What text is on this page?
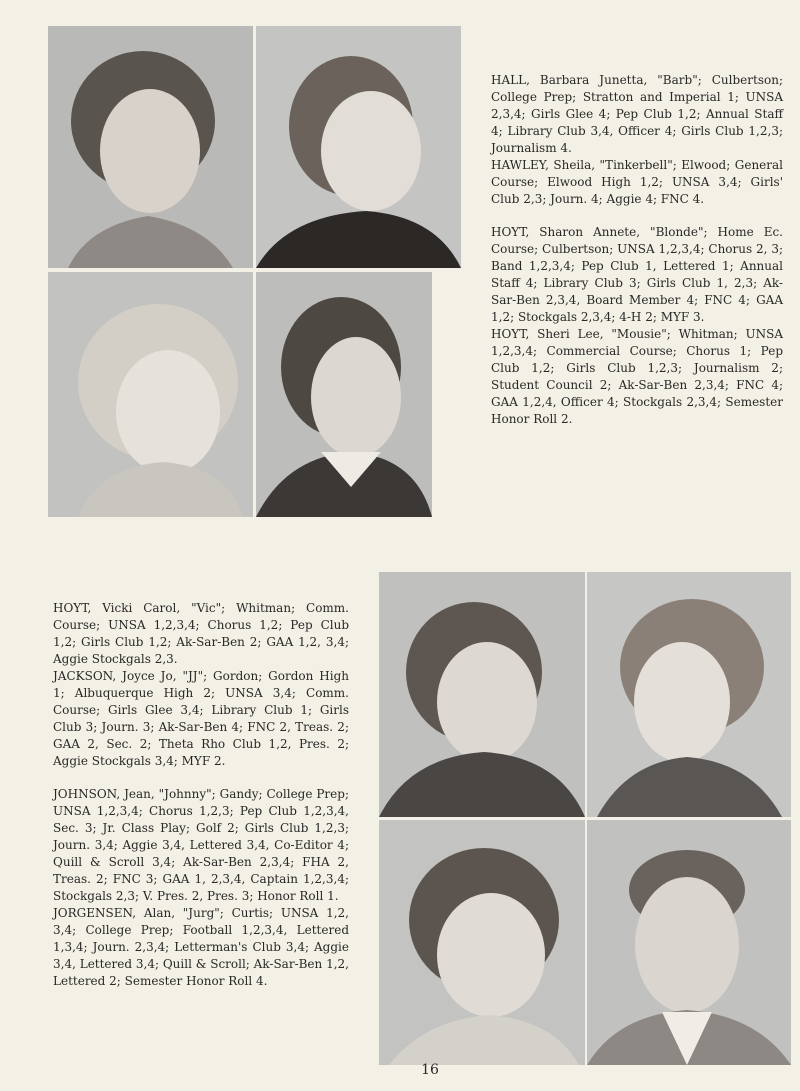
HALL, Barbara Junetta, "Barb"; Culbertson; College Prep; Stratton and Imperial 1; UNSA 2,3,4; Girls Glee 4; Pep Club 1,2; Annual Staff 4; Library Club 3,4, Officer 4; Girls Club 1,2,3; Journalism 4.

HAWLEY, Sheila, "Tinkerbell"; Elwood; General Course; Elwood High 1,2; UNSA 3,4; Girls' Club 2,3; Journ. 4; Aggie 4; FNC 4.

HOYT, Sharon Annete, "Blonde"; Home Ec. Course; Culbertson; UNSA 1,2,3,4; Chorus 2, 3; Band 1,2,3,4; Pep Club 1, Lettered 1; Annual Staff 4; Library Club 3; Girls Club 1, 2,3; Ak-Sar-Ben 2,3,4, Board Member 4; FNC 4; GAA 1,2; Stockgals 2,3,4; 4-H 2; MYF 3.

HOYT, Sheri Lee, "Mousie"; Whitman; UNSA 1,2,3,4; Commercial Course; Chorus 1; Pep Club 1,2; Girls Club 1,2,3; Journalism 2; Student Council 2; Ak-Sar-Ben 2,3,4; FNC 4; GAA 1,2,4, Officer 4; Stockgals 2,3,4; Semester Honor Roll 2.

HOYT, Vicki Carol, "Vic"; Whitman; Comm. Course; UNSA 1,2,3,4; Chorus 1,2; Pep Club 1,2; Girls Club 1,2; Ak-Sar-Ben 2; GAA 1,2, 3,4; Aggie Stockgals 2,3.

JACKSON, Joyce Jo, "JJ"; Gordon; Gordon High 1; Albuquerque High 2; UNSA 3,4; Comm. Course; Girls Glee 3,4; Library Club 1; Girls Club 3; Journ. 3; Ak-Sar-Ben 4; FNC 2, Treas. 2; GAA 2, Sec. 2; Theta Rho Club 1,2, Pres. 2; Aggie Stockgals 3,4; MYF 2.

JOHNSON, Jean, "Johnny"; Gandy; College Prep; UNSA 1,2,3,4; Chorus 1,2,3; Pep Club 1,2,3,4, Sec. 3; Jr. Class Play; Golf 2; Girls Club 1,2,3; Journ. 3,4; Aggie 3,4, Lettered 3,4, Co-Editor 4; Quill & Scroll 3,4; Ak-Sar-Ben 2,3,4; FHA 2, Treas. 2; FNC 3; GAA 1, 2,3,4, Captain 1,2,3,4; Stockgals 2,3; V. Pres. 2, Pres. 3; Honor Roll 1.

JORGENSEN, Alan, "Jurg"; Curtis; UNSA 1,2, 3,4; College Prep; Football 1,2,3,4, Lettered 1,3,4; Journ. 2,3,4; Letterman's Club 3,4; Aggie 3,4, Lettered 3,4; Quill & Scroll; Ak-Sar-Ben 1,2, Lettered 2; Semester Honor Roll 4.

16
